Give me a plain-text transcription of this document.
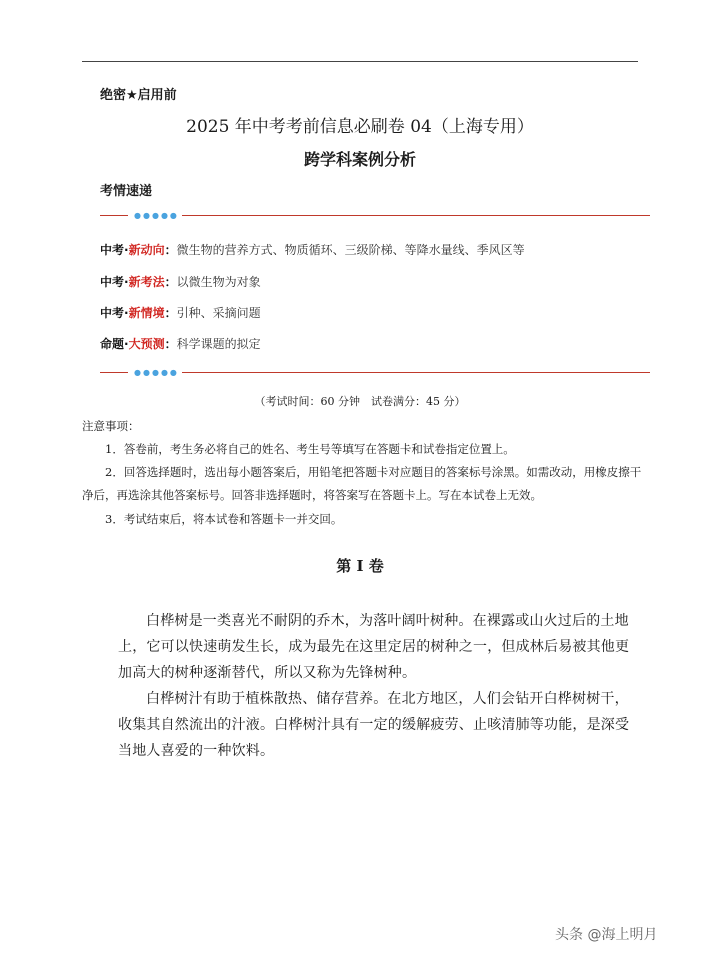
绝密★启用前
2025 年中考考前信息必刷卷 04（上海专用）
跨学科案例分析
考情速递
●●●●●
中考·新动向：微生物的营养方式、物质循环、三级阶梯、等降水量线、季风区等
中考·新考法：以微生物为对象
中考·新情境：引种、采摘问题
命题·大预测：科学课题的拟定
●●●●●
（考试时间：60 分钟　试卷满分：45 分）
注意事项：
　　1．答卷前，考生务必将自己的姓名、考生号等填写在答题卡和试卷指定位置上。
　　2．回答选择题时，选出每小题答案后，用铅笔把答题卡对应题目的答案标号涂黑。如需改动，用橡皮擦干净后，再选涂其他答案标号。回答非选择题时，将答案写在答题卡上。写在本试卷上无效。
　　3．考试结束后，将本试卷和答题卡一并交回。
第 I 卷
白桦树是一类喜光不耐阴的乔木，为落叶阔叶树种。在裸露或山火过后的土地上，它可以快速萌发生长，成为最先在这里定居的树种之一，但成林后易被其他更加高大的树种逐渐替代，所以又称为先锋树种。
白桦树汁有助于植株散热、储存营养。在北方地区，人们会钻开白桦树树干，收集其自然流出的汁液。白桦树汁具有一定的缓解疲劳、止咳清肺等功能，是深受当地人喜爱的一种饮料。
头条 @海上明月
